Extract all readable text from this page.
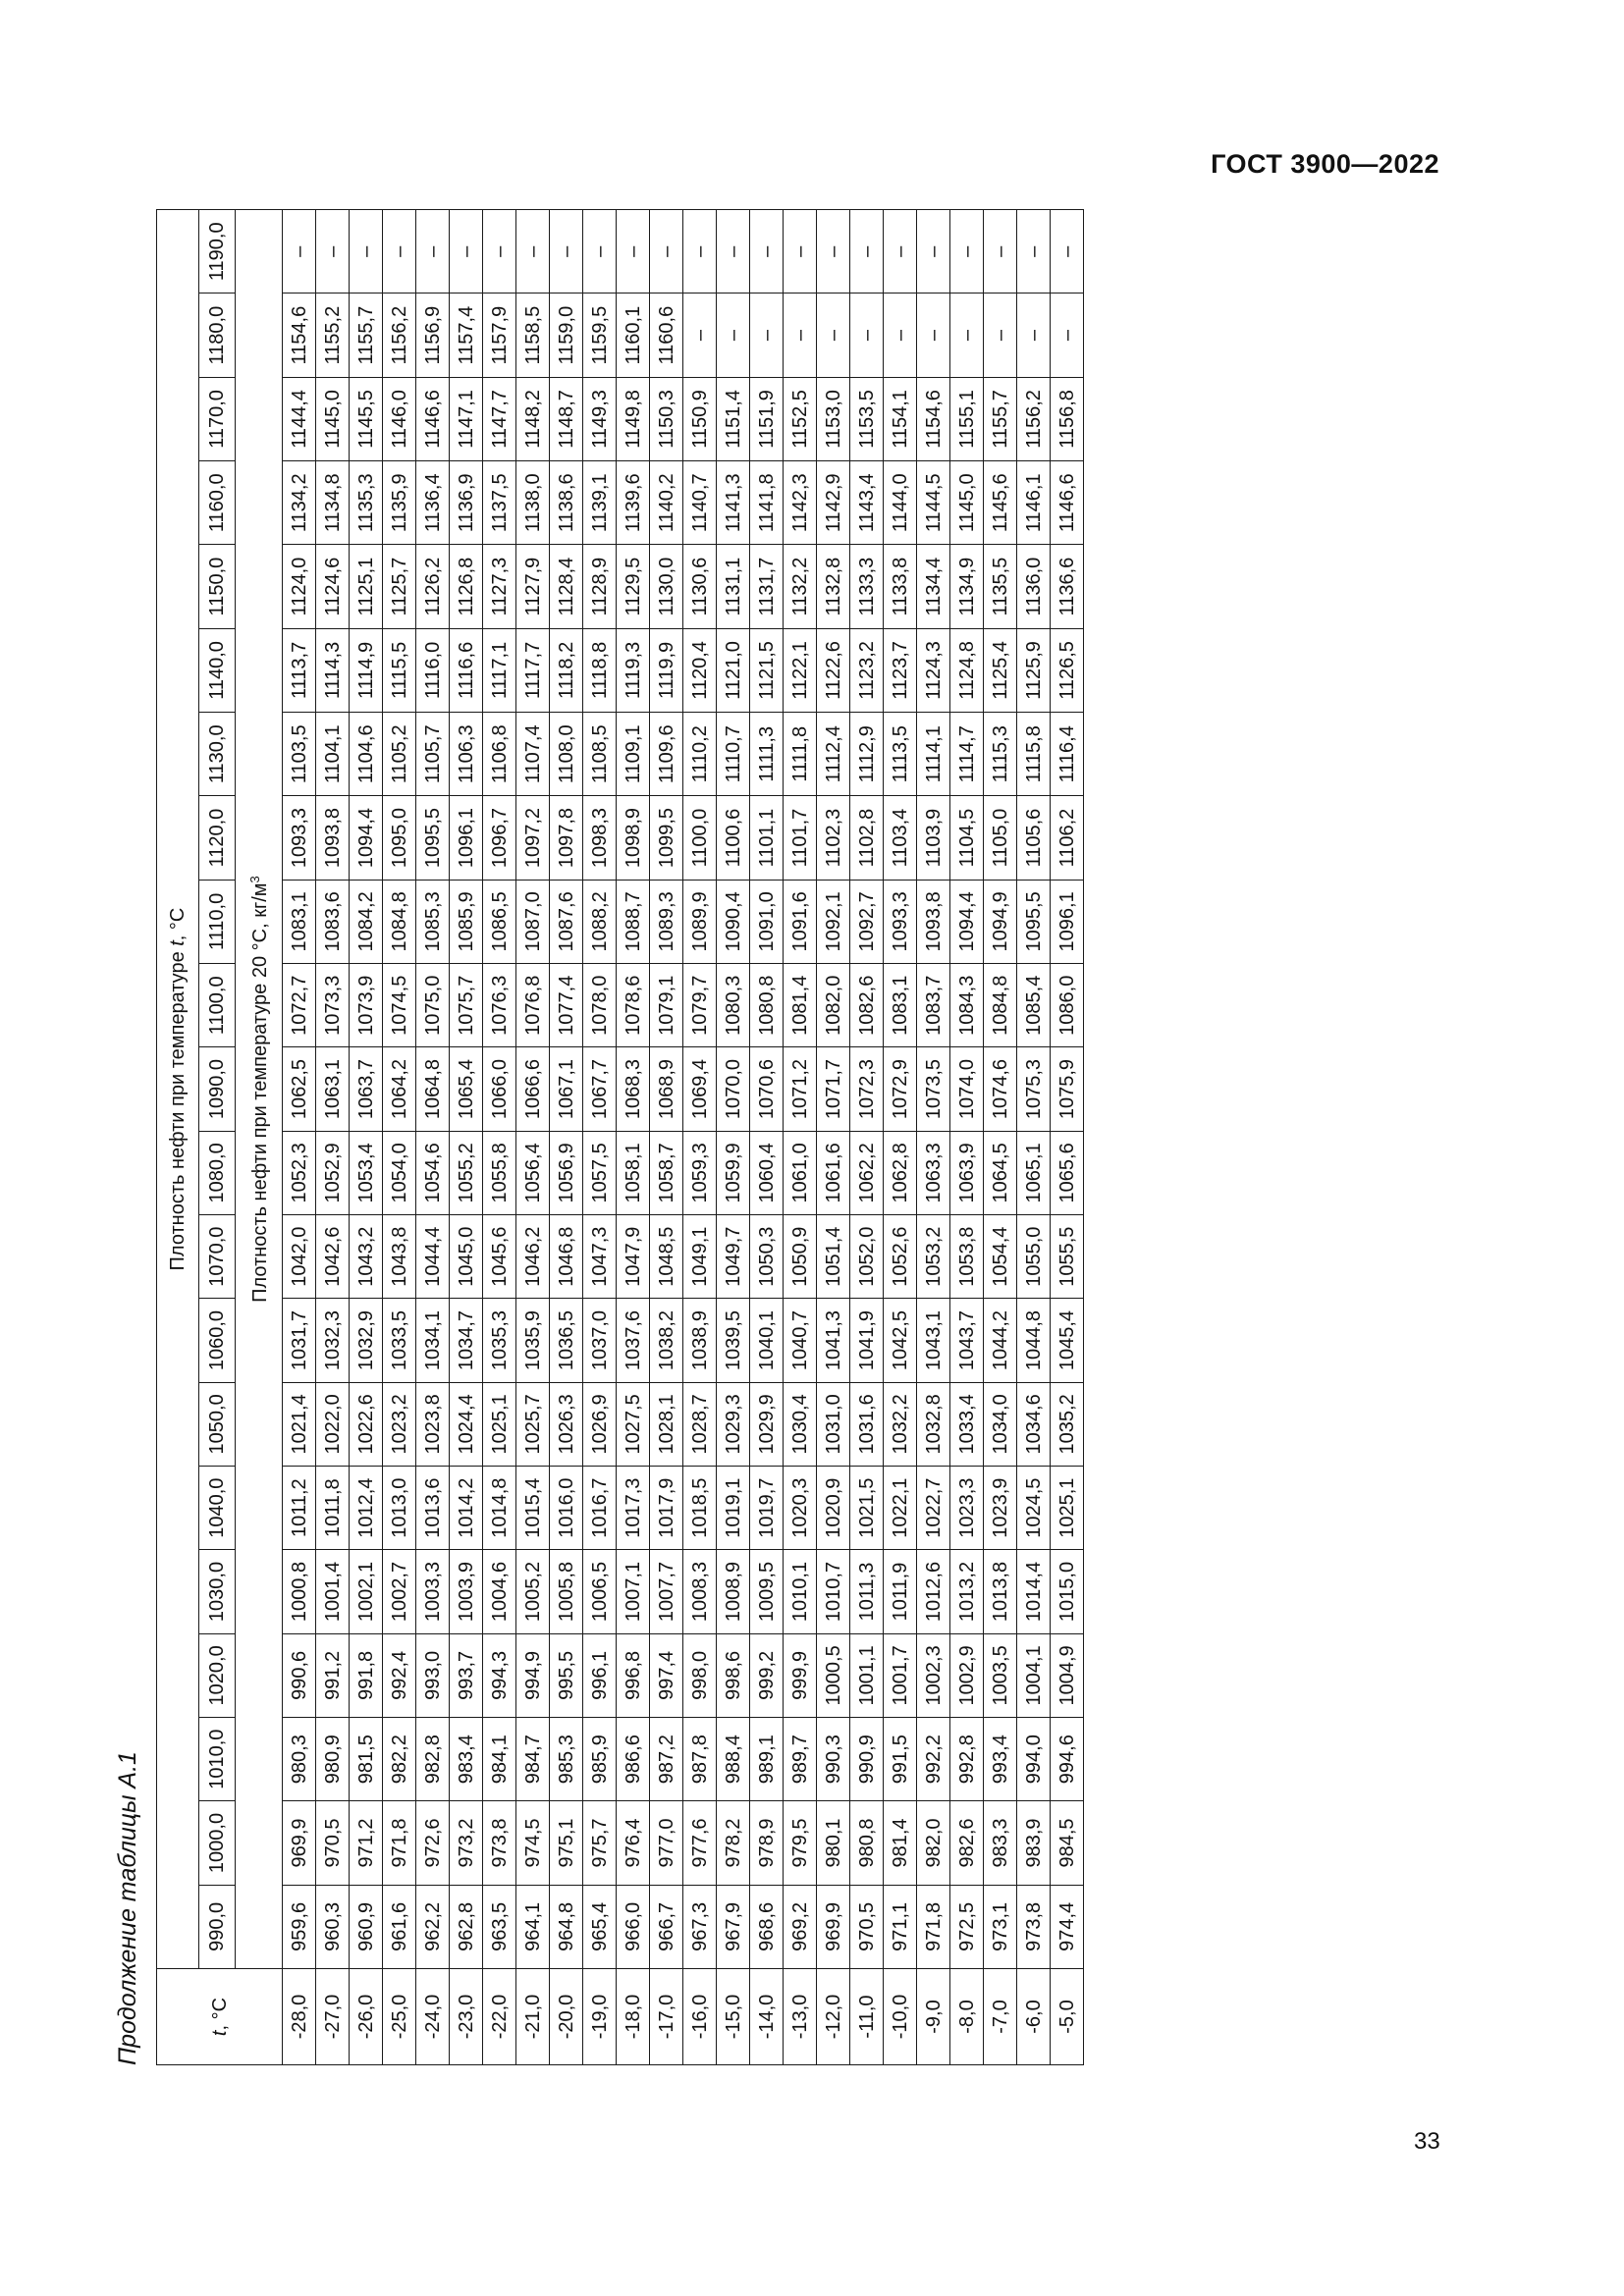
ГОСТ 3900—2022
Продолжение таблицы А.1	t, °C	Плотность нефти при температуре t, °C																				
	990,0	1000,0	1010,0	1020,0	1030,0	1040,0	1050,0	1060,0	1070,0	1080,0	1090,0	1100,0	1110,0	1120,0	1130,0	1140,0	1150,0	1160,0	1170,0	1180,0	1190,0
	Плотность нефти при температуре 20 °C, $кг/м^3$
-28,0	959,6	969,9	980,3	990,6	1000,8	1011,2	1021,4	1031,7	1042,0	1052,3	1062,5	1072,7	1083,1	1093,3	1103,5	1113,7	1124,0	1134,2	1144,4	1154,6	–
-27,0	960,3	970,5	980,9	991,2	1001,4	1011,8	1022,0	1032,3	1042,6	1052,9	1063,1	1073,3	1083,6	1093,8	1104,1	1114,3	1124,6	1134,8	1145,0	1155,2	–
-26,0	960,9	971,2	981,5	991,8	1002,1	1012,4	1022,6	1032,9	1043,2	1053,4	1063,7	1073,9	1084,2	1094,4	1104,6	1114,9	1125,1	1135,3	1145,5	1155,7	–
-25,0	961,6	971,8	982,2	992,4	1002,7	1013,0	1023,2	1033,5	1043,8	1054,0	1064,2	1074,5	1084,8	1095,0	1105,2	1115,5	1125,7	1135,9	1146,0	1156,2	–
-24,0	962,2	972,6	982,8	993,0	1003,3	1013,6	1023,8	1034,1	1044,4	1054,6	1064,8	1075,0	1085,3	1095,5	1105,7	1116,0	1126,2	1136,4	1146,6	1156,9	–
-23,0	962,8	973,2	983,4	993,7	1003,9	1014,2	1024,4	1034,7	1045,0	1055,2	1065,4	1075,7	1085,9	1096,1	1106,3	1116,6	1126,8	1136,9	1147,1	1157,4	–
-22,0	963,5	973,8	984,1	994,3	1004,6	1014,8	1025,1	1035,3	1045,6	1055,8	1066,0	1076,3	1086,5	1096,7	1106,8	1117,1	1127,3	1137,5	1147,7	1157,9	–
-21,0	964,1	974,5	984,7	994,9	1005,2	1015,4	1025,7	1035,9	1046,2	1056,4	1066,6	1076,8	1087,0	1097,2	1107,4	1117,7	1127,9	1138,0	1148,2	1158,5	–
-20,0	964,8	975,1	985,3	995,5	1005,8	1016,0	1026,3	1036,5	1046,8	1056,9	1067,1	1077,4	1087,6	1097,8	1108,0	1118,2	1128,4	1138,6	1148,7	1159,0	–
-19,0	965,4	975,7	985,9	996,1	1006,5	1016,7	1026,9	1037,0	1047,3	1057,5	1067,7	1078,0	1088,2	1098,3	1108,5	1118,8	1128,9	1139,1	1149,3	1159,5	–
-18,0	966,0	976,4	986,6	996,8	1007,1	1017,3	1027,5	1037,6	1047,9	1058,1	1068,3	1078,6	1088,7	1098,9	1109,1	1119,3	1129,5	1139,6	1149,8	1160,1	–
-17,0	966,7	977,0	987,2	997,4	1007,7	1017,9	1028,1	1038,2	1048,5	1058,7	1068,9	1079,1	1089,3	1099,5	1109,6	1119,9	1130,0	1140,2	1150,3	1160,6	–
-16,0	967,3	977,6	987,8	998,0	1008,3	1018,5	1028,7	1038,9	1049,1	1059,3	1069,4	1079,7	1089,9	1100,0	1110,2	1120,4	1130,6	1140,7	1150,9	–	–
-15,0	967,9	978,2	988,4	998,6	1008,9	1019,1	1029,3	1039,5	1049,7	1059,9	1070,0	1080,3	1090,4	1100,6	1110,7	1121,0	1131,1	1141,3	1151,4	–	–
-14,0	968,6	978,9	989,1	999,2	1009,5	1019,7	1029,9	1040,1	1050,3	1060,4	1070,6	1080,8	1091,0	1101,1	1111,3	1121,5	1131,7	1141,8	1151,9	–	–
-13,0	969,2	979,5	989,7	999,9	1010,1	1020,3	1030,4	1040,7	1050,9	1061,0	1071,2	1081,4	1091,6	1101,7	1111,8	1122,1	1132,2	1142,3	1152,5	–	–
-12,0	969,9	980,1	990,3	1000,5	1010,7	1020,9	1031,0	1041,3	1051,4	1061,6	1071,7	1082,0	1092,1	1102,3	1112,4	1122,6	1132,8	1142,9	1153,0	–	–
-11,0	970,5	980,8	990,9	1001,1	1011,3	1021,5	1031,6	1041,9	1052,0	1062,2	1072,3	1082,6	1092,7	1102,8	1112,9	1123,2	1133,3	1143,4	1153,5	–	–
-10,0	971,1	981,4	991,5	1001,7	1011,9	1022,1	1032,2	1042,5	1052,6	1062,8	1072,9	1083,1	1093,3	1103,4	1113,5	1123,7	1133,8	1144,0	1154,1	–	–
-9,0	971,8	982,0	992,2	1002,3	1012,6	1022,7	1032,8	1043,1	1053,2	1063,3	1073,5	1083,7	1093,8	1103,9	1114,1	1124,3	1134,4	1144,5	1154,6	–	–
-8,0	972,5	982,6	992,8	1002,9	1013,2	1023,3	1033,4	1043,7	1053,8	1063,9	1074,0	1084,3	1094,4	1104,5	1114,7	1124,8	1134,9	1145,0	1155,1	–	–
-7,0	973,1	983,3	993,4	1003,5	1013,8	1023,9	1034,0	1044,2	1054,4	1064,5	1074,6	1084,8	1094,9	1105,0	1115,3	1125,4	1135,5	1145,6	1155,7	–	–
-6,0	973,8	983,9	994,0	1004,1	1014,4	1024,5	1034,6	1044,8	1055,0	1065,1	1075,3	1085,4	1095,5	1105,6	1115,8	1125,9	1136,0	1146,1	1156,2	–	–
-5,0	974,4	984,5	994,6	1004,9	1015,0	1025,1	1035,2	1045,4	1055,5	1065,6	1075,9	1086,0	1096,1	1106,2	1116,4	1126,5	1136,6	1146,6	1156,8	–	–
33
